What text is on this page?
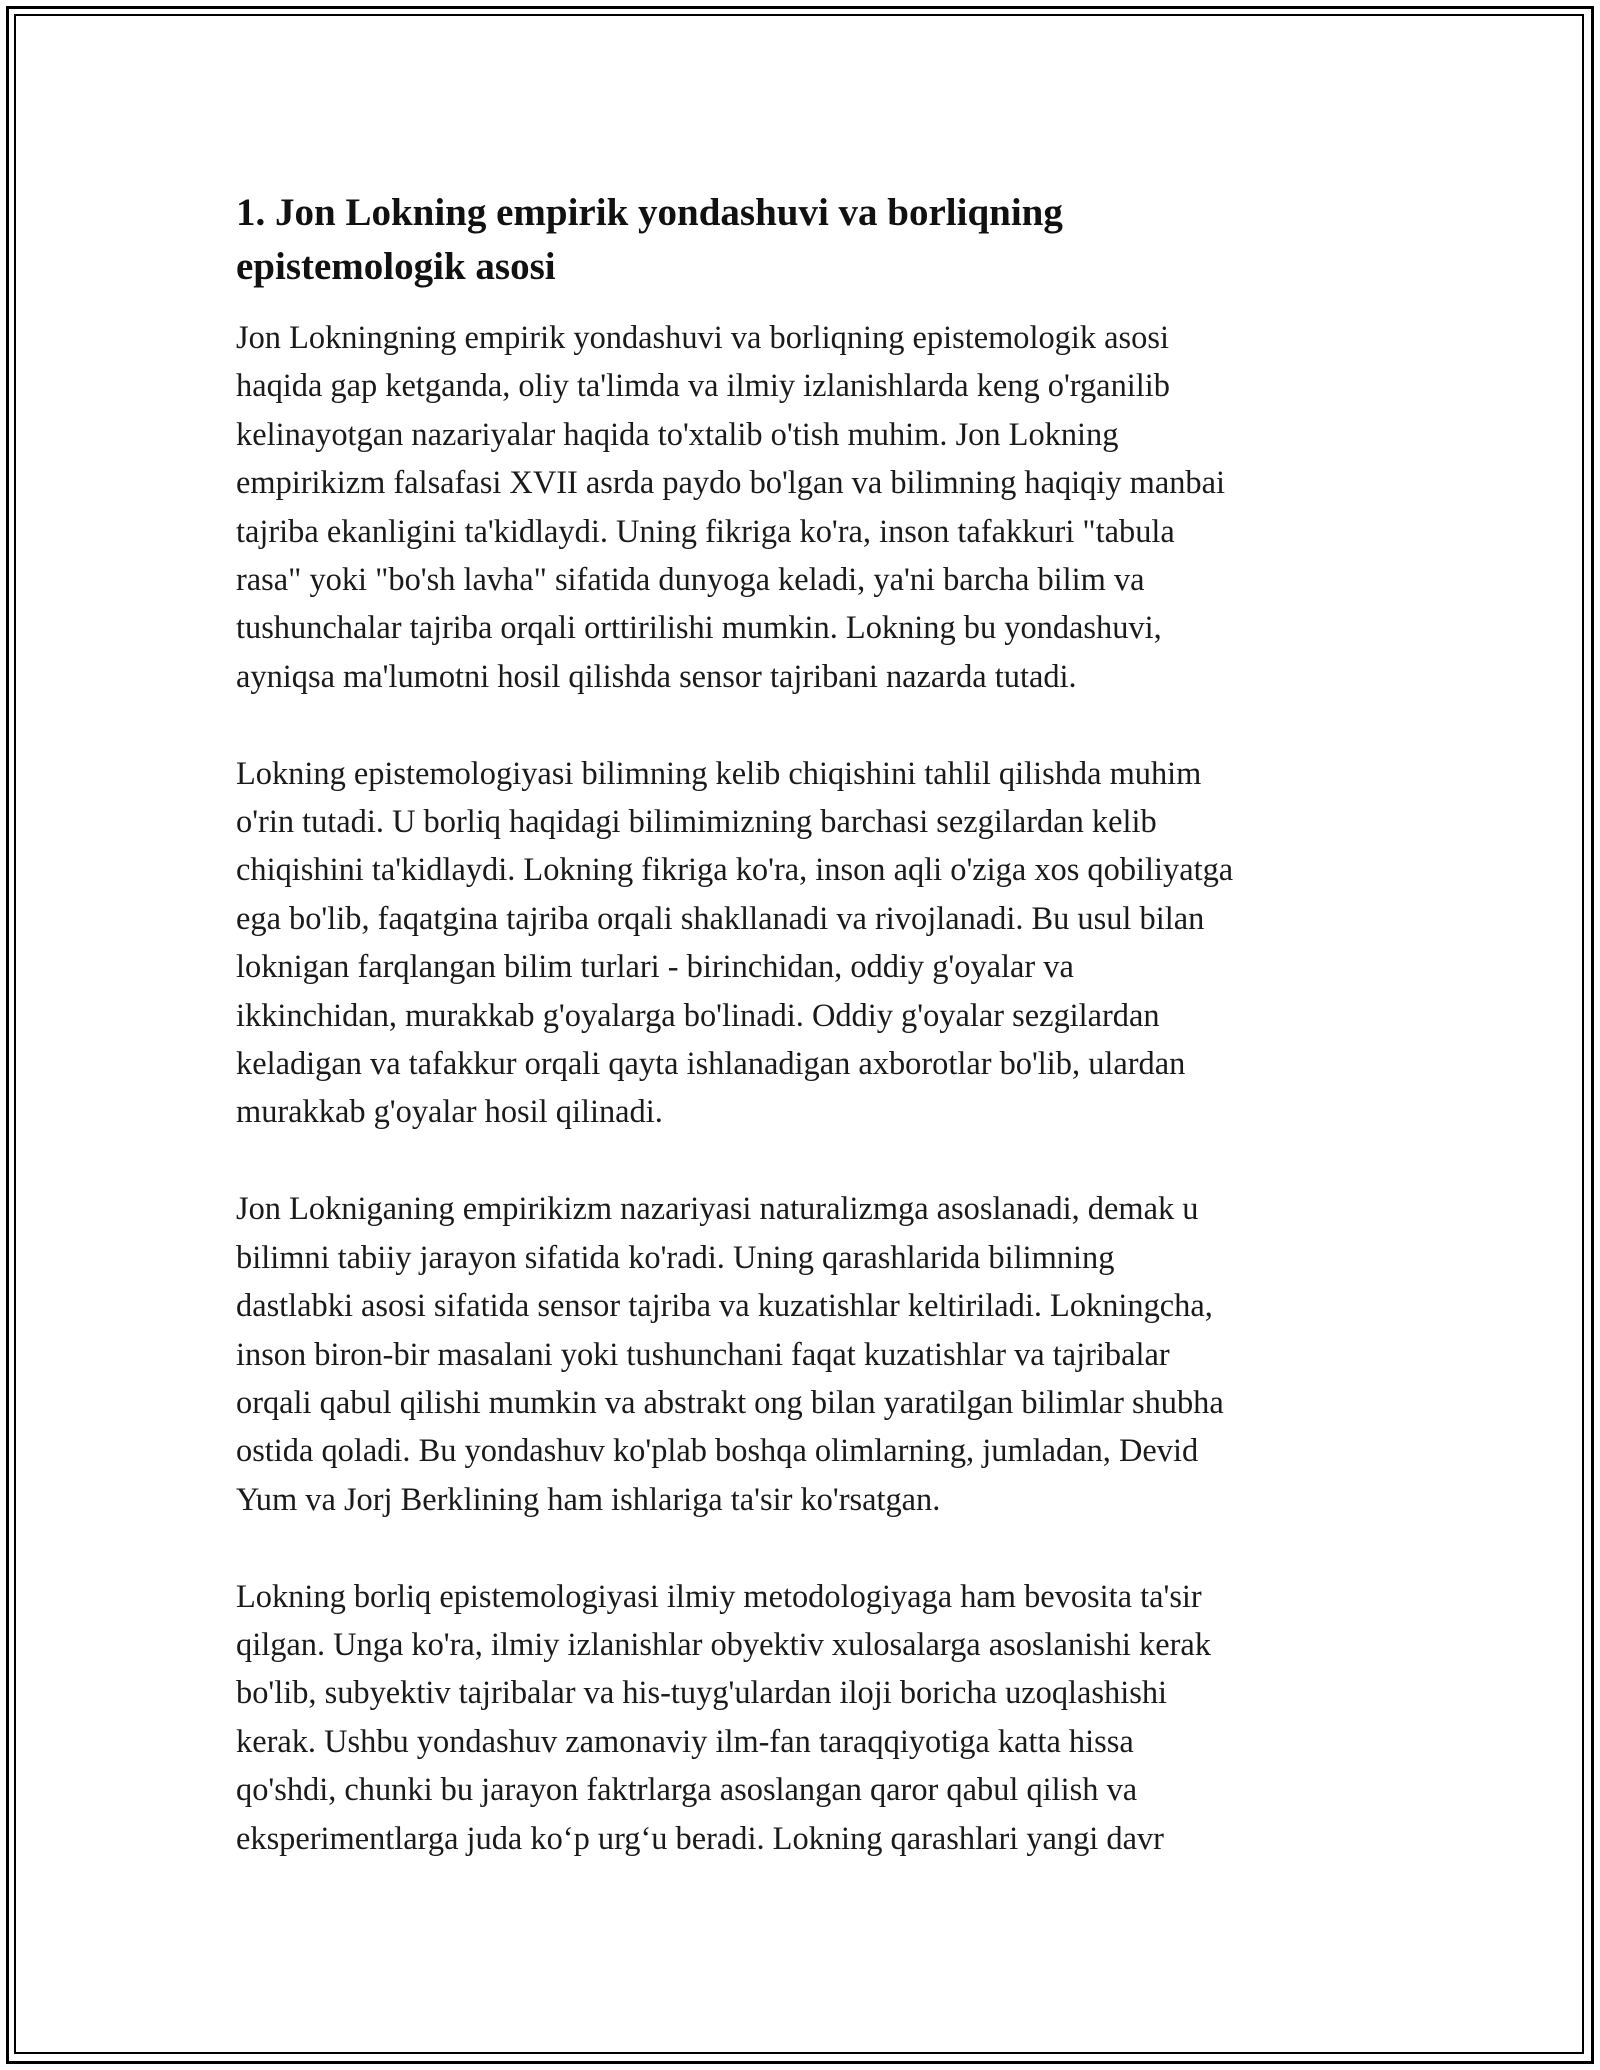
1. Jon Lokning empirik yondashuvi va borliqning
epistemologik asosi

Jon Lokningning empirik yondashuvi va borliqning epistemologik asosi
haqida gap ketganda, oliy ta'limda va ilmiy izlanishlarda keng o'rganilib
kelinayotgan nazariyalar haqida to'xtalib o'tish muhim. Jon Lokning
empirikizm falsafasi XVII asrda paydo bo'lgan va bilimning haqiqiy manbai
tajriba ekanligini ta'kidlaydi. Uning fikriga ko'ra, inson tafakkuri "tabula
rasa" yoki "bo'sh lavha" sifatida dunyoga keladi, ya'ni barcha bilim va
tushunchalar tajriba orqali orttirilishi mumkin. Lokning bu yondashuvi,
ayniqsa ma'lumotni hosil qilishda sensor tajribani nazarda tutadi.

Lokning epistemologiyasi bilimning kelib chiqishini tahlil qilishda muhim
o'rin tutadi. U borliq haqidagi bilimimizning barchasi sezgilardan kelib
chiqishini ta'kidlaydi. Lokning fikriga ko'ra, inson aqli o'ziga xos qobiliyatga
ega bo'lib, faqatgina tajriba orqali shakllanadi va rivojlanadi. Bu usul bilan
loknigan farqlangan bilim turlari - birinchidan, oddiy g'oyalar va
ikkinchidan, murakkab g'oyalarga bo'linadi. Oddiy g'oyalar sezgilardan
keladigan va tafakkur orqali qayta ishlanadigan axborotlar bo'lib, ulardan
murakkab g'oyalar hosil qilinadi.

Jon Lokniganing empirikizm nazariyasi naturalizmga asoslanadi, demak u
bilimni tabiiy jarayon sifatida ko'radi. Uning qarashlarida bilimning
dastlabki asosi sifatida sensor tajriba va kuzatishlar keltiriladi. Lokningcha,
inson biron-bir masalani yoki tushunchani faqat kuzatishlar va tajribalar
orqali qabul qilishi mumkin va abstrakt ong bilan yaratilgan bilimlar shubha
ostida qoladi. Bu yondashuv ko'plab boshqa olimlarning, jumladan, Devid
Yum va Jorj Berklining ham ishlariga ta'sir ko'rsatgan.

Lokning borliq epistemologiyasi ilmiy metodologiyaga ham bevosita ta'sir
qilgan. Unga ko'ra, ilmiy izlanishlar obyektiv xulosalarga asoslanishi kerak
bo'lib, subyektiv tajribalar va his-tuyg'ulardan iloji boricha uzoqlashishi
kerak. Ushbu yondashuv zamonaviy ilm-fan taraqqiyotiga katta hissa
qo'shdi, chunki bu jarayon faktrlarga asoslangan qaror qabul qilish va
eksperimentlarga juda ko‘p urg‘u beradi. Lokning qarashlari yangi davr
